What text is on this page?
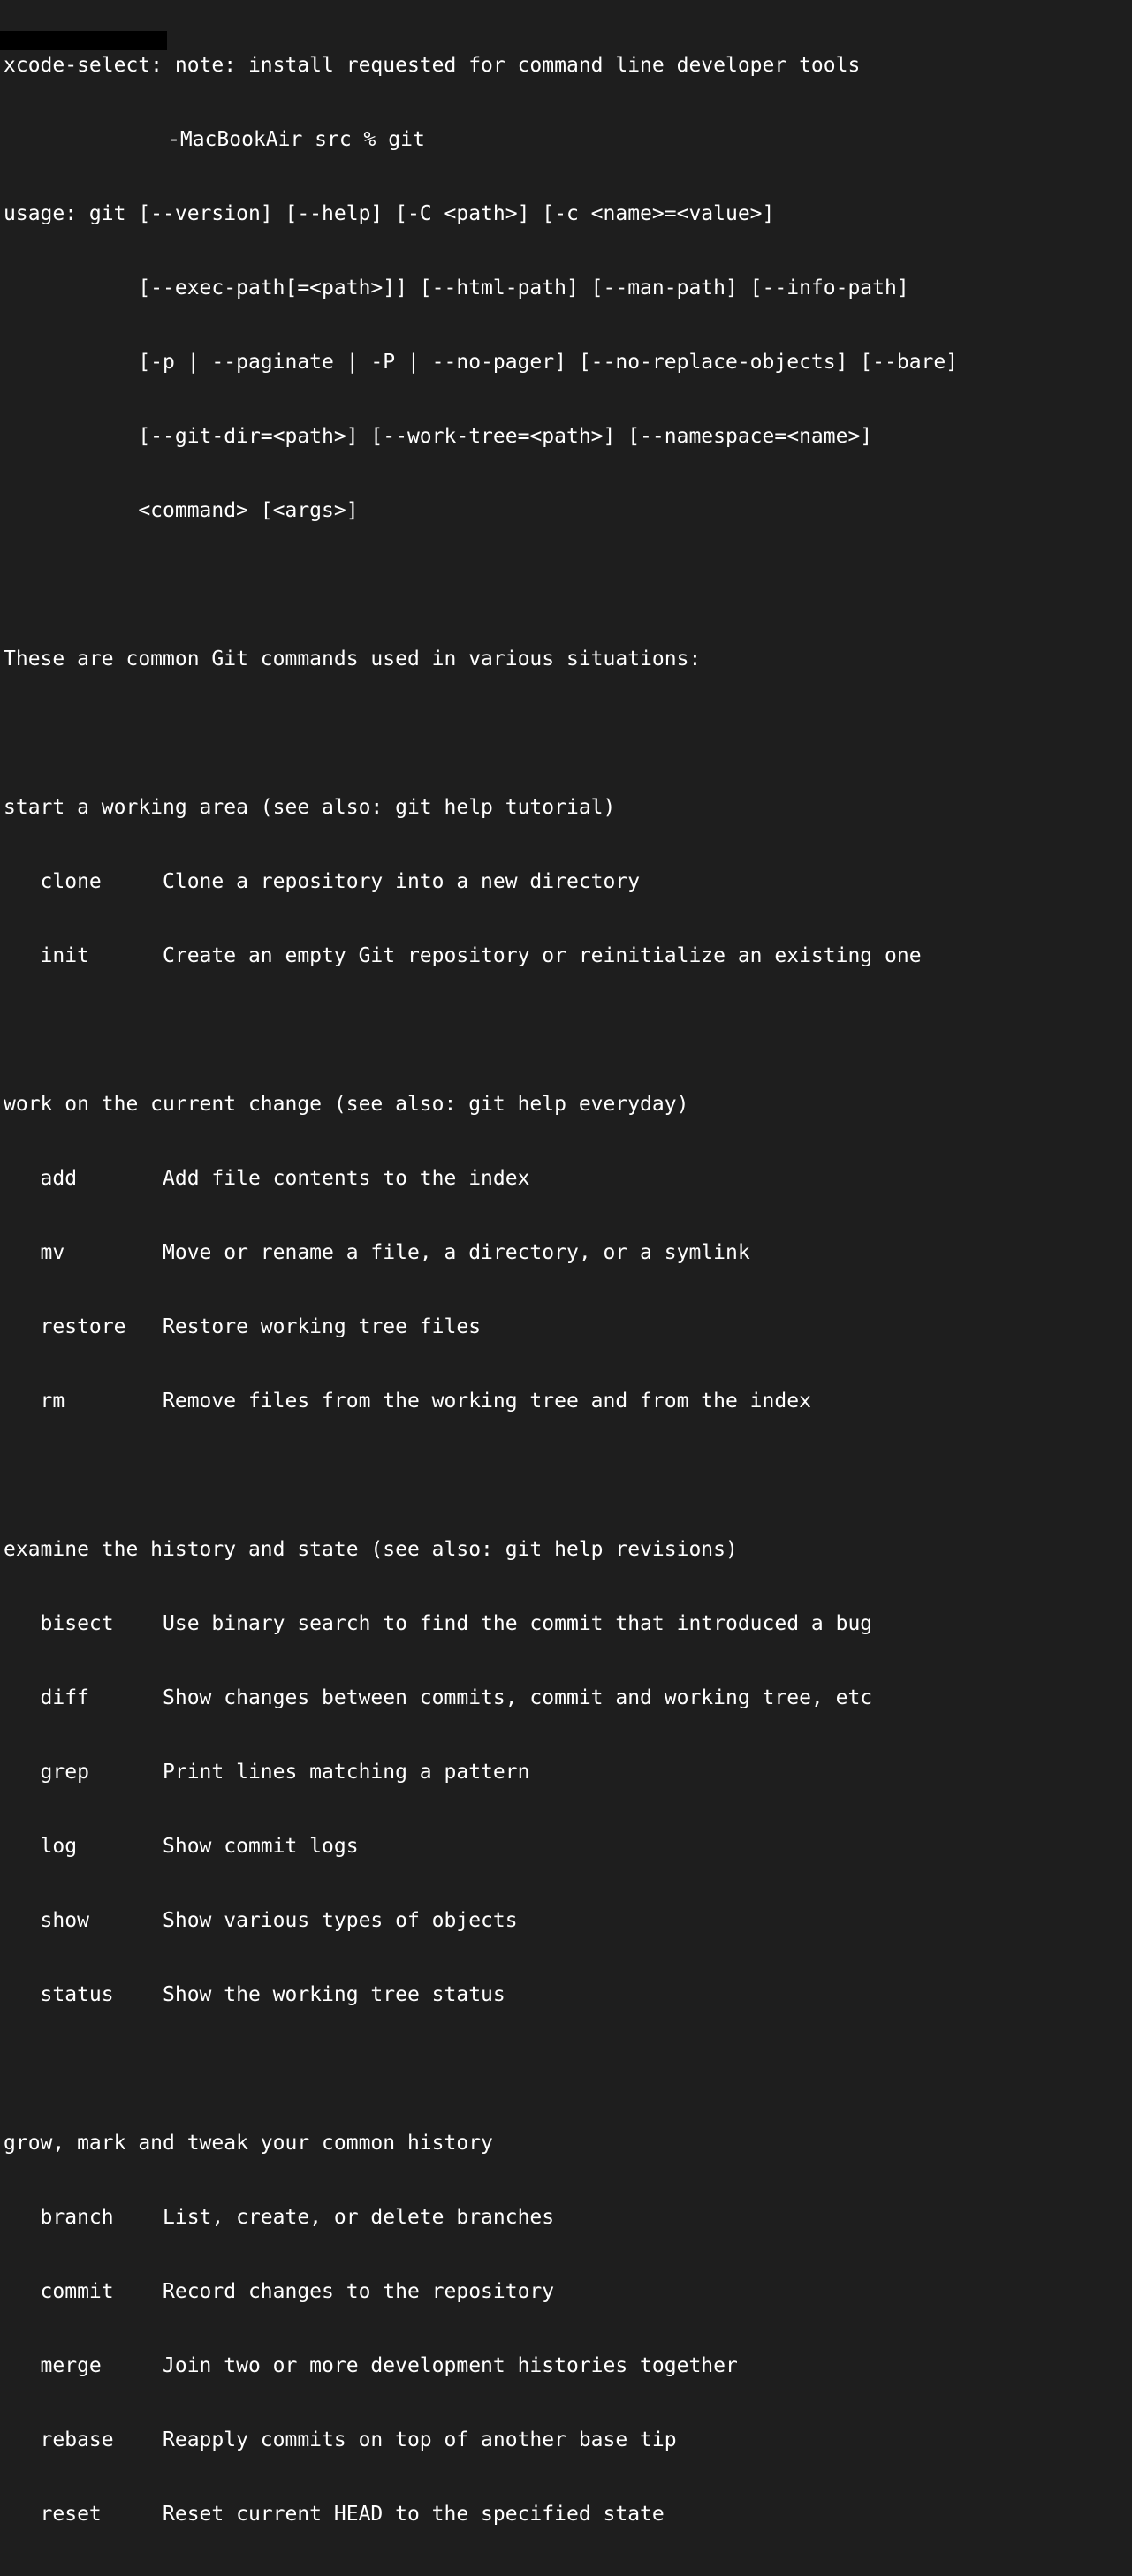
xcode-select: note: install requested for command line developer tools

-MacBookAir src % git

usage: git [--version] [--help] [-C <path>] [-c <name>=<value>]

[--exec-path[=<path>]] [--html-path] [--man-path] [--info-path]

[-p | --paginate | -P | --no-pager] [--no-replace-objects] [--bare]

[--git-dir=<path>] [--work-tree=<path>] [--namespace=<name>]

<command> [<args>]

These are common Git commands used in various situations:

start a working area (see also: git help tutorial)

clone     Clone a repository into a new directory

init      Create an empty Git repository or reinitialize an existing one

work on the current change (see also: git help everyday)

add       Add file contents to the index

mv        Move or rename a file, a directory, or a symlink

restore   Restore working tree files

rm        Remove files from the working tree and from the index

examine the history and state (see also: git help revisions)

bisect    Use binary search to find the commit that introduced a bug

diff      Show changes between commits, commit and working tree, etc

grep      Print lines matching a pattern

log       Show commit logs

show      Show various types of objects

status    Show the working tree status

grow, mark and tweak your common history

branch    List, create, or delete branches

commit    Record changes to the repository

merge     Join two or more development histories together

rebase    Reapply commits on top of another base tip

reset     Reset current HEAD to the specified state
